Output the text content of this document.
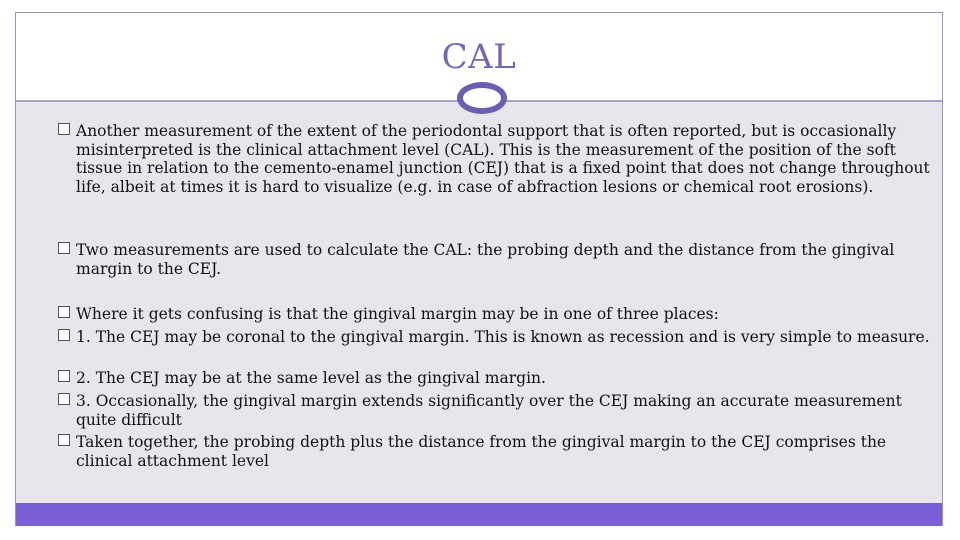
CAL
Another measurement of the extent of the periodontal support that is often reported, but is occasionally misinterpreted is the clinical attachment level (CAL). This is the measurement of the position of the soft tissue in relation to the cemento-enamel junction (CEJ) that is a fixed point that does not change throughout life, albeit at times it is hard to visualize (e.g. in case of abfraction lesions or chemical root erosions).
Two measurements are used to calculate the CAL: the probing depth and the distance from the gingival margin to the CEJ.
Where it gets confusing is that the gingival margin may be in one of three places:
1. The CEJ may be coronal to the gingival margin. This is known as recession and is very simple to measure.
2. The CEJ may be at the same level as the gingival margin.
3. Occasionally, the gingival margin extends significantly over the CEJ making an accurate measurement quite difficult
Taken together, the probing depth plus the distance from the gingival margin to the CEJ comprises the clinical attachment level
